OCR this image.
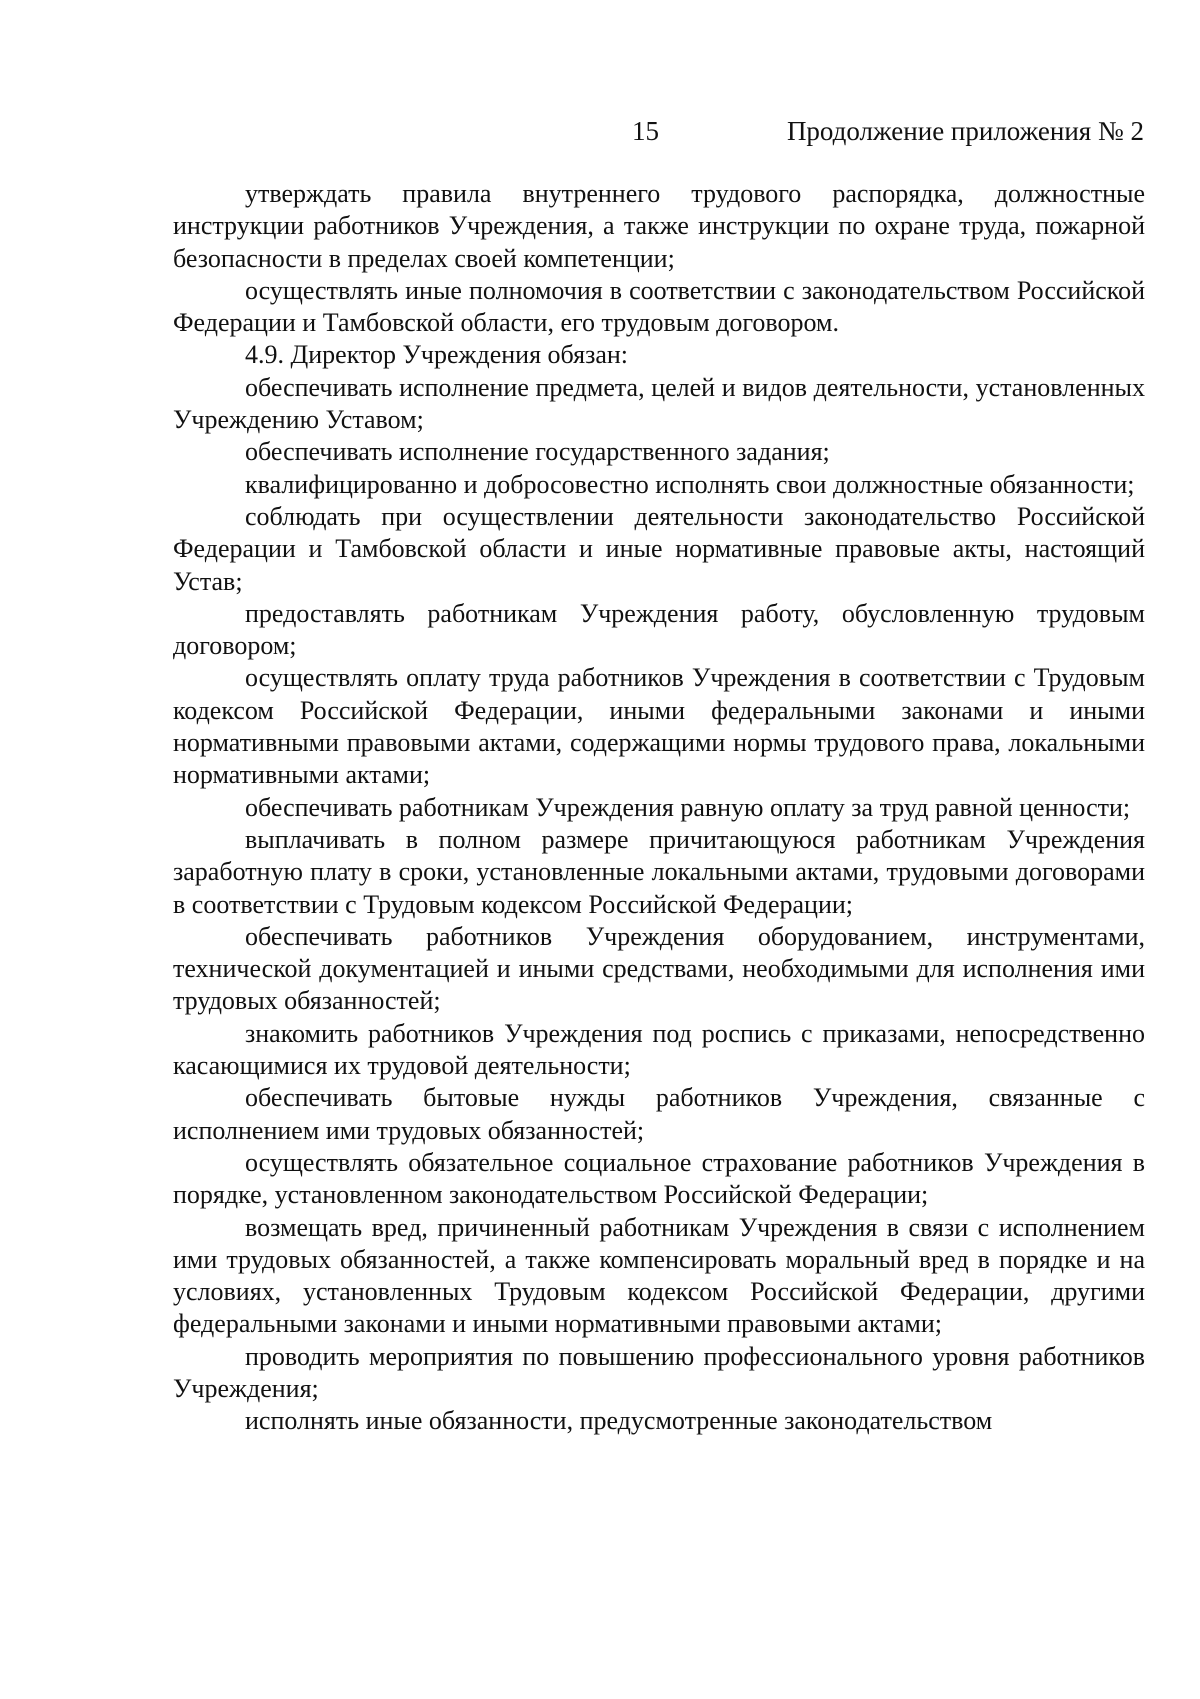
15	Продолжение приложения № 2

утверждать правила внутреннего трудового распорядка, должностные инструкции работников Учреждения, а также инструкции по охране труда, пожарной безопасности в пределах своей компетенции;

осуществлять иные полномочия в соответствии с законодательством Российской Федерации и Тамбовской области, его трудовым договором.

4.9. Директор Учреждения обязан:

обеспечивать исполнение предмета, целей и видов деятельности, установленных Учреждению Уставом;

обеспечивать исполнение государственного задания;

квалифицированно и добросовестно исполнять свои должностные обязанности;

соблюдать при осуществлении деятельности законодательство Российской Федерации и Тамбовской области и иные нормативные правовые акты, настоящий Устав;

предоставлять работникам Учреждения работу, обусловленную трудовым договором;

осуществлять оплату труда работников Учреждения в соответствии с Трудовым кодексом Российской Федерации, иными федеральными законами и иными нормативными правовыми актами, содержащими нормы трудового права, локальными нормативными актами;

обеспечивать работникам Учреждения равную оплату за труд равной ценности;

выплачивать в полном размере причитающуюся работникам Учреждения заработную плату в сроки, установленные локальными актами, трудовыми договорами в соответствии с Трудовым кодексом Российской Федерации;

обеспечивать работников Учреждения оборудованием, инструментами, технической документацией и иными средствами, необходимыми для исполнения ими трудовых обязанностей;

знакомить работников Учреждения под роспись с приказами, непосредственно касающимися их трудовой деятельности;

обеспечивать бытовые нужды работников Учреждения, связанные с исполнением ими трудовых обязанностей;

осуществлять обязательное социальное страхование работников Учреждения в порядке, установленном законодательством Российской Федерации;

возмещать вред, причиненный работникам Учреждения в связи с исполнением ими трудовых обязанностей, а также компенсировать моральный вред в порядке и на условиях, установленных Трудовым кодексом Российской Федерации, другими федеральными законами и иными нормативными правовыми актами;

проводить мероприятия по повышению профессионального уровня работников Учреждения;

исполнять иные обязанности, предусмотренные законодательством
